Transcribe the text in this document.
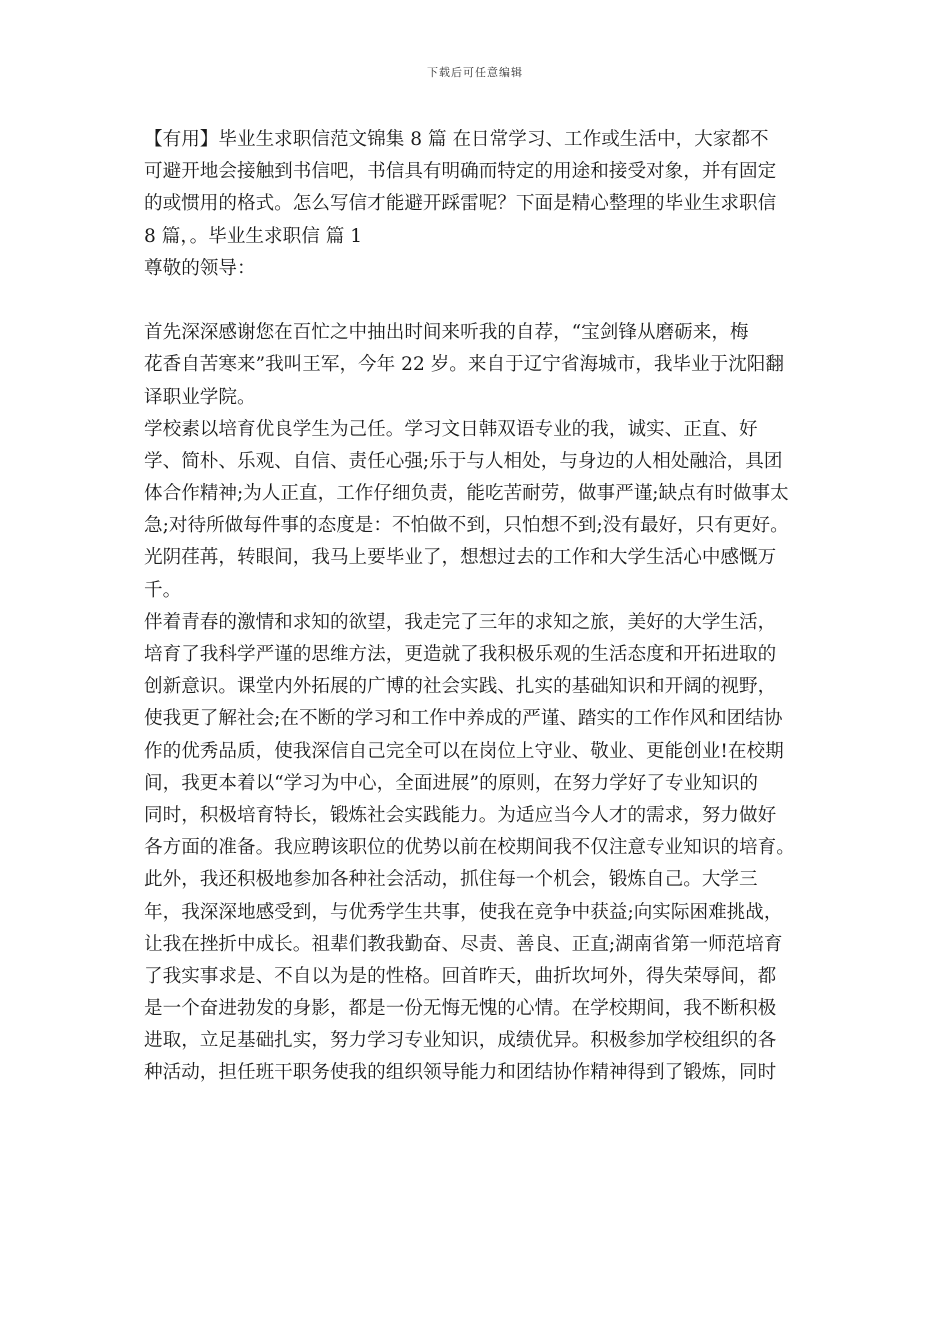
下载后可任意编辑
【有用】毕业生求职信范文锦集 8 篇 在日常学习、工作或生活中，大家都不
可避开地会接触到书信吧，书信具有明确而特定的用途和接受对象，并有固定
的或惯用的格式。怎么写信才能避开踩雷呢？下面是精心整理的毕业生求职信
8 篇，。毕业生求职信 篇 1
尊敬的领导：
首先深深感谢您在百忙之中抽出时间来听我的自荐，“宝剑锋从磨砺来，梅
花香自苦寒来”我叫王军，今年 22 岁。来自于辽宁省海城市，我毕业于沈阳翻
译职业学院。
学校素以培育优良学生为己任。学习文日韩双语专业的我，诚实、正直、好
学、简朴、乐观、自信、责任心强;乐于与人相处，与身边的人相处融洽，具团
体合作精神;为人正直，工作仔细负责，能吃苦耐劳，做事严谨;缺点有时做事太
急;对待所做每件事的态度是：不怕做不到，只怕想不到;没有最好，只有更好。
光阴荏苒，转眼间，我马上要毕业了，想想过去的工作和大学生活心中感慨万
千。
伴着青春的激情和求知的欲望，我走完了三年的求知之旅，美好的大学生活，
培育了我科学严谨的思维方法，更造就了我积极乐观的生活态度和开拓进取的
创新意识。课堂内外拓展的广博的社会实践、扎实的基础知识和开阔的视野，
使我更了解社会;在不断的学习和工作中养成的严谨、踏实的工作作风和团结协
作的优秀品质，使我深信自己完全可以在岗位上守业、敬业、更能创业!在校期
间，我更本着以“学习为中心，全面进展”的原则，在努力学好了专业知识的
同时，积极培育特长，锻炼社会实践能力。为适应当今人才的需求，努力做好
各方面的准备。我应聘该职位的优势以前在校期间我不仅注意专业知识的培育。
此外，我还积极地参加各种社会活动，抓住每一个机会，锻炼自己。大学三
年，我深深地感受到，与优秀学生共事，使我在竞争中获益;向实际困难挑战，
让我在挫折中成长。祖辈们教我勤奋、尽责、善良、正直;湖南省第一师范培育
了我实事求是、不自以为是的性格。回首昨天，曲折坎坷外，得失荣辱间，都
是一个奋进勃发的身影，都是一份无悔无愧的心情。在学校期间，我不断积极
进取，立足基础扎实，努力学习专业知识，成绩优异。积极参加学校组织的各
种活动，担任班干职务使我的组织领导能力和团结协作精神得到了锻炼，同时
